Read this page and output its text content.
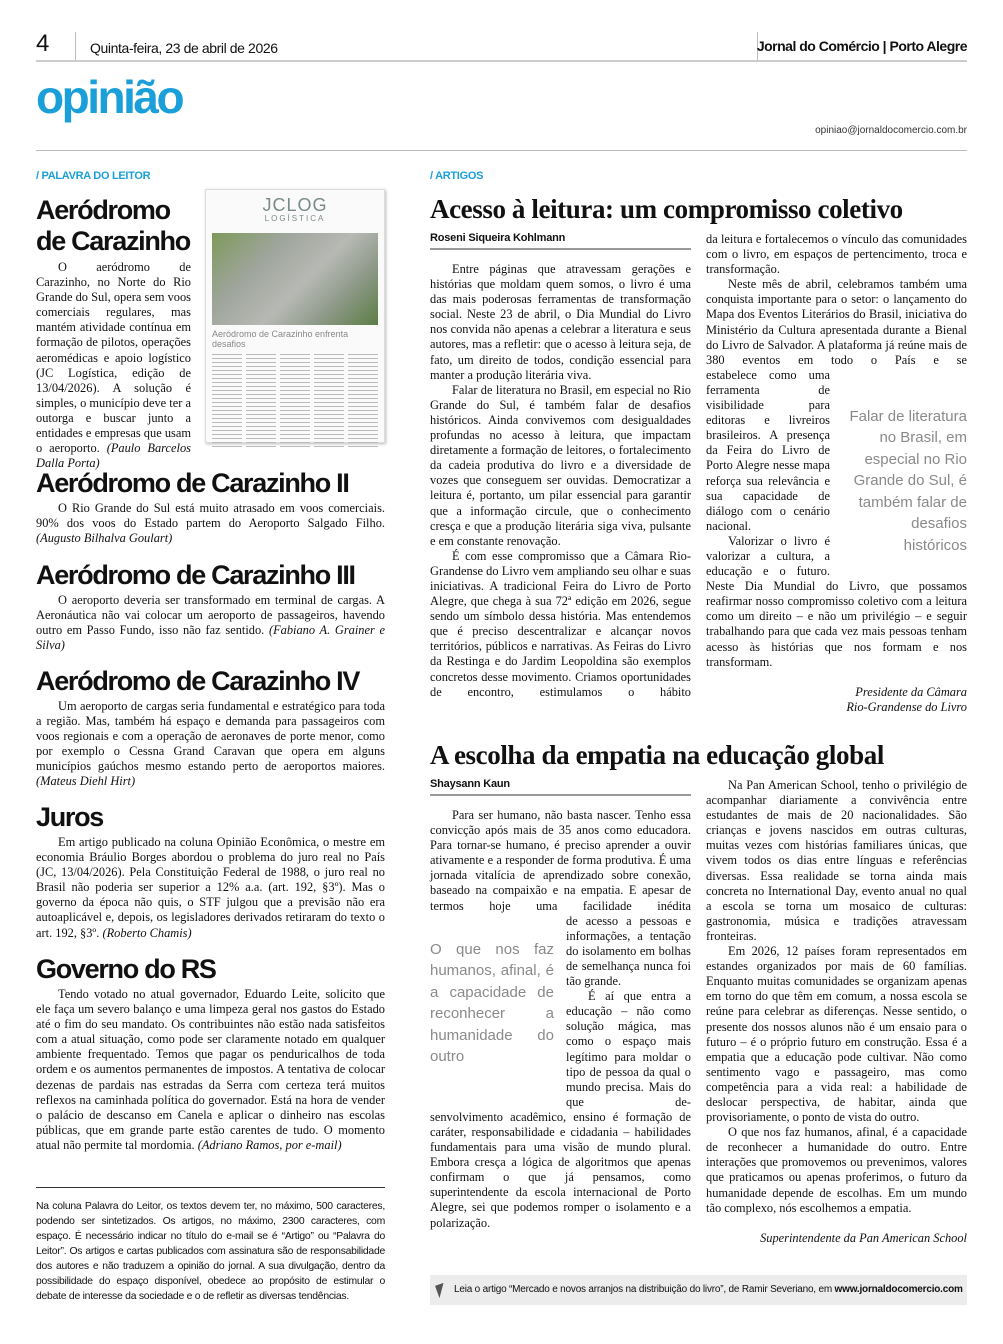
4	Quinta-feira, 23 de abril de 2026	Jornal do Comércio | Porto Alegre
opinião
opiniao@jornaldocomercio.com.br
/ PALAVRA DO LEITOR
JCLOG
LOGÍSTICA
Aeródromo de Carazinho enfrenta desafios
Aeródromo de Carazinho

O aeródromo de Carazinho, no Norte do Rio Grande do Sul, opera sem voos comerciais regulares, mas mantém atividade contínua em formação de pilotos, operações aeromédicas e apoio logístico (JC Logística, edição de 13/04/2026). A solução é simples, o município deve ter a outorga e buscar junto a entidades e empresas que usam o aeroporto. (Paulo Barcelos Dalla Porta)

Aeródromo de Carazinho II

O Rio Grande do Sul está muito atrasado em voos comerciais. 90% dos voos do Estado partem do Aeroporto Salgado Filho. (Augusto Bilhalva Goulart)

Aeródromo de Carazinho III

O aeroporto deveria ser transformado em terminal de cargas. A Aeronáutica não vai colocar um aeroporto de passageiros, havendo outro em Passo Fundo, isso não faz sentido. (Fabiano A. Grainer e Silva)

Aeródromo de Carazinho IV

Um aeroporto de cargas seria fundamental e estratégico para toda a região. Mas, também há espaço e demanda para passageiros com voos regionais e com a operação de aeronaves de porte menor, como por exemplo o Cessna Grand Caravan que opera em alguns municípios gaúchos mesmo estando perto de aeroportos maiores. (Mateus Diehl Hirt)

Juros

Em artigo publicado na coluna Opinião Econômica, o mestre em economia Bráulio Borges abordou o problema do juro real no País (JC, 13/04/2026). Pela Constituição Federal de 1988, o juro real no Brasil não poderia ser superior a 12% a.a. (art. 192, §3º). Mas o governo da época não quis, o STF julgou que a previsão não era autoaplicável e, depois, os legisladores derivados retiraram do texto o art. 192, §3º. (Roberto Chamis)

Governo do RS

Tendo votado no atual governador, Eduardo Leite, solicito que ele faça um severo balanço e uma limpeza geral nos gastos do Estado até o fim do seu mandato. Os contribuintes não estão nada satisfeitos com a atual situação, como pode ser claramente notado em qualquer ambiente frequentado. Temos que pagar os penduricalhos de toda ordem e os aumentos permanentes de impostos. A tentativa de colocar dezenas de pardais nas estradas da Serra com certeza terá muitos reflexos na caminhada política do governador. Está na hora de vender o palácio de descanso em Canela e aplicar o dinheiro nas escolas públicas, que em grande parte estão carentes de tudo. O momento atual não permite tal mordomia. (Adriano Ramos, por e-mail)

Na coluna Palavra do Leitor, os textos devem ter, no máximo, 500 caracteres, podendo ser sintetizados. Os artigos, no máximo, 2300 caracteres, com espaço. É necessário indicar no título do e-mail se é “Artigo” ou “Palavra do Leitor”. Os artigos e cartas publicados com assinatura são de responsabilidade dos autores e não traduzem a opinião do jornal. A sua divulgação, dentro da possibilidade do espaço disponível, obedece ao propósito de estimular o debate de interesse da sociedade e o de refletir as diversas tendências.
/ ARTIGOS
Acesso à leitura: um compromisso coletivo
Roseni Siqueira Kohlmann

Entre páginas que atravessam gerações e histórias que moldam quem somos, o livro é uma das mais poderosas ferramentas de transformação social. Neste 23 de abril, o Dia Mundial do Livro nos convida não apenas a celebrar a literatura e seus autores, mas a refletir: que o acesso à leitura seja, de fato, um direito de todos, condição essencial para manter a produção literária viva.

Falar de literatura no Brasil, em especial no Rio Grande do Sul, é também falar de desafios históricos. Ainda convivemos com desigualdades profundas no acesso à leitura, que impactam diretamente a formação de leitores, o fortalecimento da cadeia produtiva do livro e a diversidade de vozes que conseguem ser ouvidas. Democratizar a leitura é, portanto, um pilar essencial para garantir que a informação circule, que o conhecimento cresça e que a produção literária siga viva, pulsante e em constante renovação.

É com esse compromisso que a Câmara Rio-Grandense do Livro vem ampliando seu olhar e suas iniciativas. A tradicional Feira do Livro de Porto Alegre, que chega à sua 72ª edição em 2026, segue sendo um símbolo dessa história. Mas entendemos que é preciso descentralizar e alcançar novos territórios, públicos e narrativas. As Feiras do Livro da Restinga e do Jardim Leopoldina são exemplos concretos desse movimento. Criamos oportunidades de encontro, estimulamos o hábito

da leitura e fortalecemos o vínculo das comunidades com o livro, em espaços de pertencimento, troca e transformação.

Neste mês de abril, celebramos também uma conquista importante para o setor: o lançamento do Mapa dos Eventos Literários do Brasil, iniciativa do Ministério da Cultura apresentada durante a Bienal do Livro de Salvador. A plataforma já reúne mais de 380 eventos em todo o País e se

estabelece como uma ferramenta de visibilidade para editoras e livreiros brasileiros. A presença da Feira do Livro de Porto Alegre nesse mapa reforça sua relevância e sua capacidade de diálogo com o cenário nacional.

Valorizar o livro é valorizar a cultura, a educação e o futuro.

Falar de literatura no Brasil, em especial no Rio Grande do Sul, é também falar de desafios históricos

Neste Dia Mundial do Livro, que possamos reafirmar nosso compromisso coletivo com a leitura como um direito – e não um privilégio – e seguir trabalhando para que cada vez mais pessoas tenham acesso às histórias que nos formam e nos transformam.

Presidente da Câmara
Rio-Grandense do Livro
A escolha da empatia na educação global
Shaysann Kaun

Para ser humano, não basta nascer. Tenho essa convicção após mais de 35 anos como educadora. Para tornar-se humano, é preciso aprender a ouvir ativamente e a responder de forma produtiva. É uma jornada vitalícia de aprendizado sobre conexão, baseado na compaixão e na empatia. E apesar de termos hoje uma facilidade inédita

O que nos faz humanos, afinal, é a capacidade de reconhecer a humanidade do outro

de acesso a pessoas e informações, a tentação do isolamento em bolhas de semelhança nunca foi tão grande.

É aí que entra a educação – não como solução mágica, mas como o espaço mais legítimo para moldar o tipo de pessoa da qual o mundo precisa. Mais do que de-

senvolvimento acadêmico, ensino é formação de caráter, responsabilidade e cidadania – habilidades fundamentais para uma visão de mundo plural. Embora cresça a lógica de algoritmos que apenas confirmam o que já pensamos, como superintendente da escola internacional de Porto Alegre, sei que podemos romper o isolamento e a polarização.

Na Pan American School, tenho o privilégio de acompanhar diariamente a convivência entre estudantes de mais de 20 nacionalidades. São crianças e jovens nascidos em outras culturas, muitas vezes com histórias familiares únicas, que vivem todos os dias entre línguas e referências diversas. Essa realidade se torna ainda mais concreta no International Day, evento anual no qual a escola se torna um mosaico de culturas: gastronomia, música e tradições atravessam fronteiras.

Em 2026, 12 países foram representados em estandes organizados por mais de 60 famílias. Enquanto muitas comunidades se organizam apenas em torno do que têm em comum, a nossa escola se reúne para celebrar as diferenças. Nesse sentido, o presente dos nossos alunos não é um ensaio para o futuro – é o próprio futuro em construção. Essa é a empatia que a educação pode cultivar. Não como sentimento vago e passageiro, mas como competência para a vida real: a habilidade de deslocar perspectiva, de habitar, ainda que provisoriamente, o ponto de vista do outro.

O que nos faz humanos, afinal, é a capacidade de reconhecer a humanidade do outro. Entre interações que promovemos ou prevenimos, valores que praticamos ou apenas proferimos, o futuro da humanidade depende de escolhas. Em um mundo tão complexo, nós escolhemos a empatia.

Superintendente da Pan American School
Leia o artigo “Mercado e novos arranjos na distribuição do livro”, de Ramir Severiano, em www.jornaldocomercio.com
